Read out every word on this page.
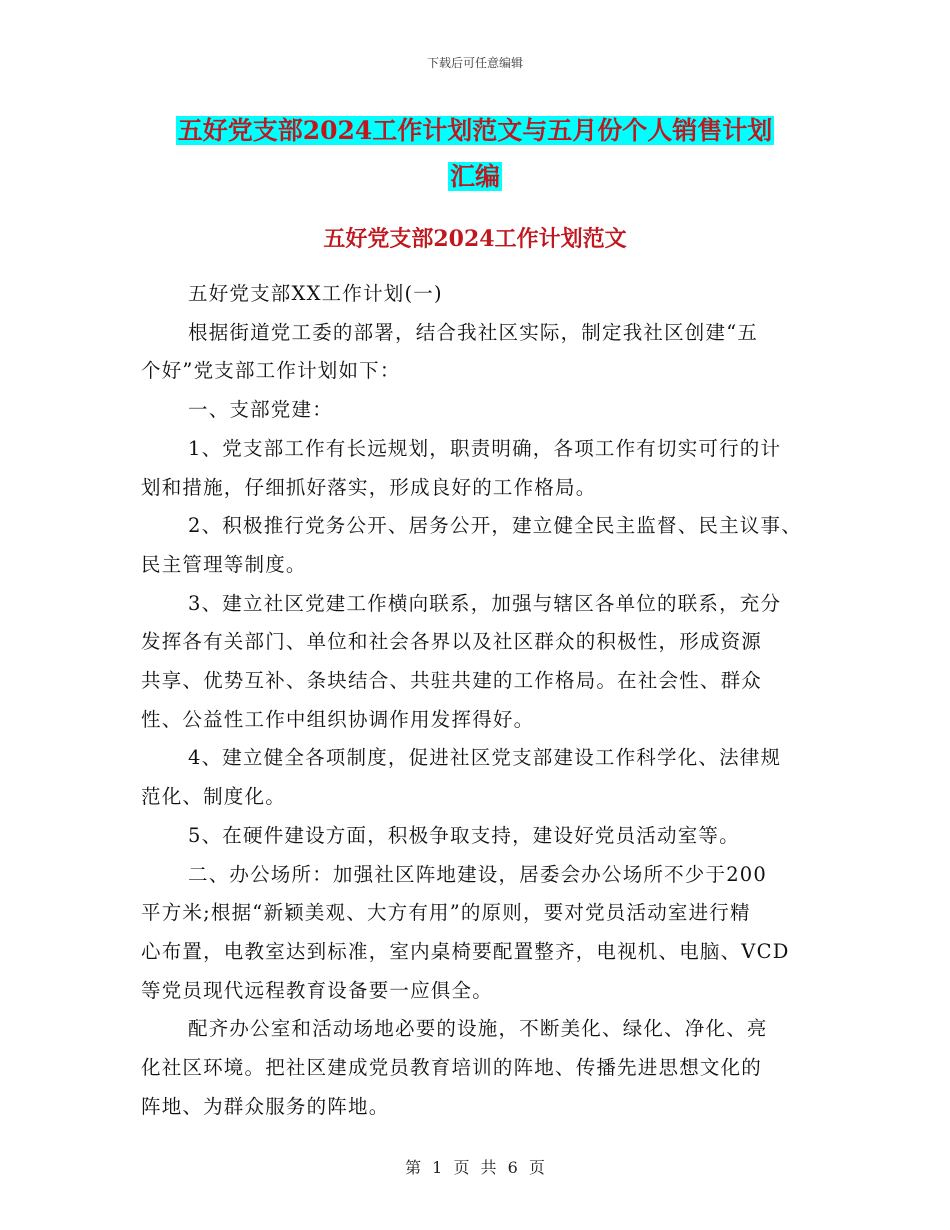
下载后可任意编辑
五好党支部2024工作计划范文与五月份个人销售计划
汇编
五好党支部2024工作计划范文
五好党支部XX工作计划(一)
根据街道党工委的部署，结合我社区实际，制定我社区创建“五
个好”党支部工作计划如下：
一、支部党建：
1、党支部工作有长远规划，职责明确，各项工作有切实可行的计
划和措施，仔细抓好落实，形成良好的工作格局。
2、积极推行党务公开、居务公开，建立健全民主监督、民主议事、
民主管理等制度。
3、建立社区党建工作横向联系，加强与辖区各单位的联系，充分
发挥各有关部门、单位和社会各界以及社区群众的积极性，形成资源
共享、优势互补、条块结合、共驻共建的工作格局。在社会性、群众
性、公益性工作中组织协调作用发挥得好。
4、建立健全各项制度，促进社区党支部建设工作科学化、法律规
范化、制度化。
5、在硬件建设方面，积极争取支持，建设好党员活动室等。
二、办公场所：加强社区阵地建设，居委会办公场所不少于200
平方米;根据“新颖美观、大方有用”的原则，要对党员活动室进行精
心布置，电教室达到标准，室内桌椅要配置整齐，电视机、电脑、VCD
等党员现代远程教育设备要一应俱全。
配齐办公室和活动场地必要的设施，不断美化、绿化、净化、亮
化社区环境。把社区建成党员教育培训的阵地、传播先进思想文化的
阵地、为群众服务的阵地。
第 1 页 共 6 页
